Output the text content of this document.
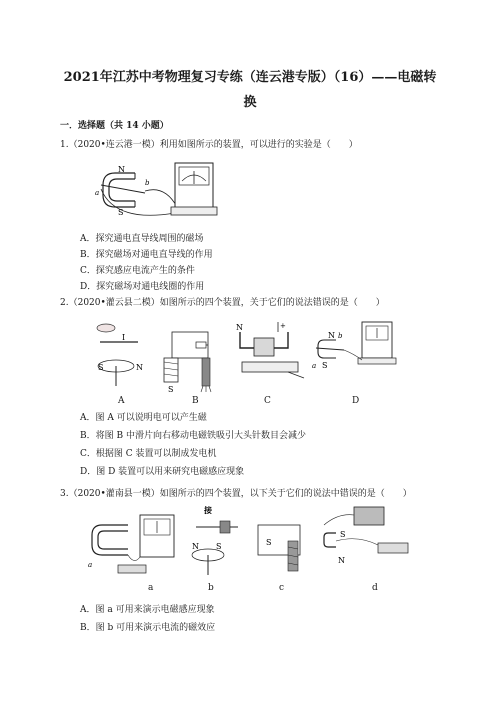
2021年江苏中考物理复习专练（连云港专版）（16）——电磁转
换
一．选择题（共 14 小题）
1.（2020•连云港一模）利用如图所示的装置，可以进行的实验是（　　）
N
S
a
b
A．探究通电直导线周围的磁场
B．探究磁场对通电直导线的作用
C．探究感应电流产生的条件
D．探究磁场对通电线圈的作用
2.（2020•灌云县二模）如图所示的四个装置，关于它们的说法错误的是（　　）
I
S	N
S
N	+
N b
a S
A	B	C	D
A．图 A 可以说明电可以产生磁
B．将图 B 中滑片向右移动电磁铁吸引大头针数目会减少
C．根据图 C 装置可以制成发电机
D．图 D 装置可以用来研究电磁感应现象
3.（2020•灌南县一模）如图所示的四个装置，以下关于它们的说法中错误的是（　　）
a
接
N S	S
S
N
a	b	c	d
A．图 a 可用来演示电磁感应现象
B．图 b 可用来演示电流的磁效应
